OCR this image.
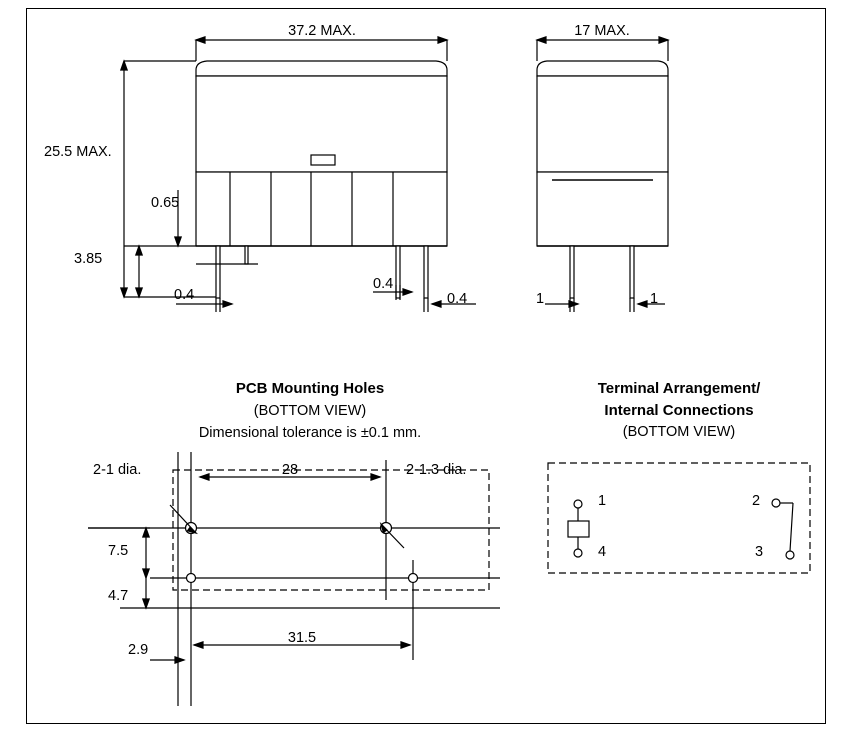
37.2 MAX.
25.5 MAX.
0.65
3.85
0.4
0.4
0.4
17 MAX.
1	1
PCB Mounting Holes
(BOTTOM VIEW)
Dimensional tolerance is ±0.1 mm.
2-1 dia.	2-1.3 dia.
28
7.5
4.7
31.5
2.9
Terminal Arrangement/
Internal Connections
(BOTTOM VIEW)
1
4
2
3
